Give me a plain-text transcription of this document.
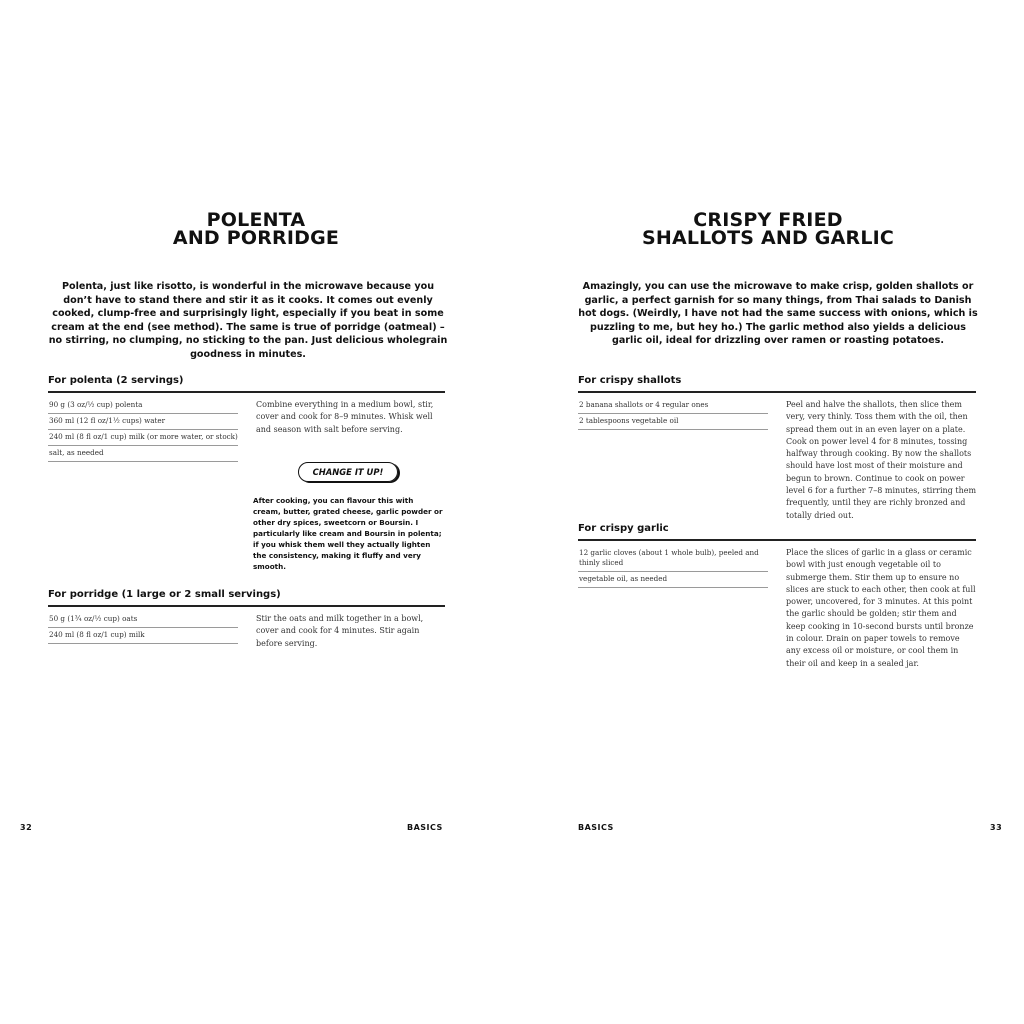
POLENTA
AND PORRIDGE
Polenta, just like risotto, is wonderful in the microwave because you don’t have to stand there and stir it as it cooks. It comes out evenly cooked, clump-free and surprisingly light, especially if you beat in some cream at the end (see method). The same is true of porridge (oatmeal) – no stirring, no clumping, no sticking to the pan. Just delicious wholegrain goodness in minutes.
For polenta (2 servings)
90 g (3 oz/½ cup) polenta
360 ml (12 fl oz/1½ cups) water
240 ml (8 fl oz/1 cup) milk (or more water, or stock)
salt, as needed
Combine everything in a medium bowl, stir, cover and cook for 8–9 minutes. Whisk well and season with salt before serving.
CHANGE IT UP!
After cooking, you can flavour this with cream, butter, grated cheese, garlic powder or other dry spices, sweetcorn or Boursin. I particularly like cream and Boursin in polenta; if you whisk them well they actually lighten the consistency, making it fluffy and very smooth.
For porridge (1 large or 2 small servings)
50 g (1¾ oz/½ cup) oats
240 ml (8 fl oz/1 cup) milk
Stir the oats and milk together in a bowl, cover and cook for 4 minutes. Stir again before serving.
32	BASICS
CRISPY FRIED
SHALLOTS AND GARLIC
Amazingly, you can use the microwave to make crisp, golden shallots or garlic, a perfect garnish for so many things, from Thai salads to Danish hot dogs. (Weirdly, I have not had the same success with onions, which is puzzling to me, but hey ho.) The garlic method also yields a delicious garlic oil, ideal for drizzling over ramen or roasting potatoes.
For crispy shallots
2 banana shallots or 4 regular ones
2 tablespoons vegetable oil
Peel and halve the shallots, then slice them very, very thinly. Toss them with the oil, then spread them out in an even layer on a plate. Cook on power level 4 for 8 minutes, tossing halfway through cooking. By now the shallots should have lost most of their moisture and begun to brown. Continue to cook on power level 6 for a further 7–8 minutes, stirring them frequently, until they are richly bronzed and totally dried out.
For crispy garlic
12 garlic cloves (about 1 whole bulb), peeled and thinly sliced
vegetable oil, as needed
Place the slices of garlic in a glass or ceramic bowl with just enough vegetable oil to submerge them. Stir them up to ensure no slices are stuck to each other, then cook at full power, uncovered, for 3 minutes. At this point the garlic should be golden; stir them and keep cooking in 10-second bursts until bronze in colour. Drain on paper towels to remove any excess oil or moisture, or cool them in their oil and keep in a sealed jar.
BASICS	33
